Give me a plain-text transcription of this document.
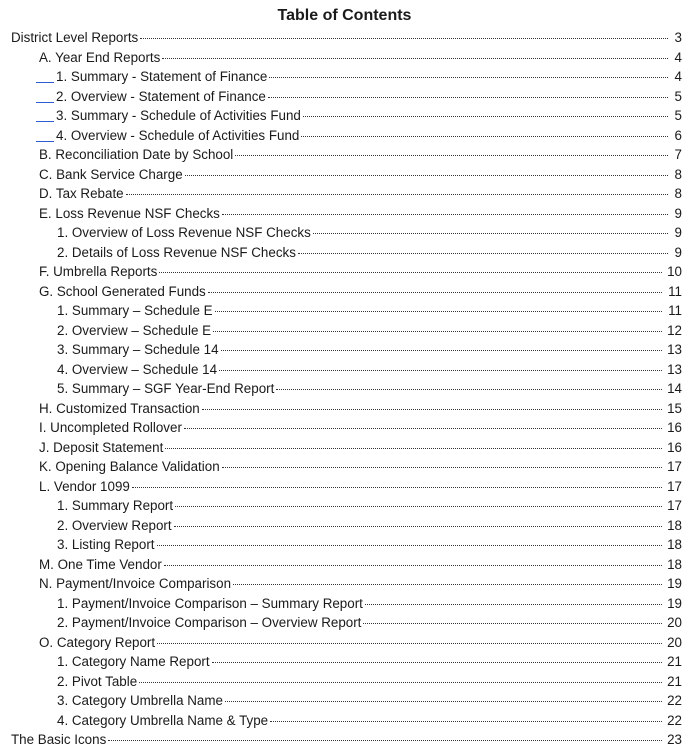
Table of Contents
District Level Reports	3
A. Year End Reports	4
1. Summary - Statement of Finance	4
2. Overview - Statement of Finance	5
3. Summary - Schedule of Activities Fund	5
4. Overview - Schedule of Activities Fund	6
B. Reconciliation Date by School	7
C. Bank Service Charge	8
D. Tax Rebate	8
E. Loss Revenue NSF Checks	9
1. Overview of Loss Revenue NSF Checks	9
2. Details of Loss Revenue NSF Checks	9
F. Umbrella Reports	10
G. School Generated Funds	11
1. Summary – Schedule E	11
2. Overview – Schedule E	12
3. Summary – Schedule 14	13
4. Overview – Schedule 14	13
5. Summary – SGF Year-End Report	14
H. Customized Transaction	15
I. Uncompleted Rollover	16
J. Deposit Statement	16
K. Opening Balance Validation	17
L. Vendor 1099	17
1. Summary Report	17
2. Overview Report	18
3. Listing Report	18
M. One Time Vendor	18
N. Payment/Invoice Comparison	19
1. Payment/Invoice Comparison – Summary Report	19
2. Payment/Invoice Comparison – Overview Report	20
O. Category Report	20
1. Category Name Report	21
2. Pivot Table	21
3. Category Umbrella Name	22
4. Category Umbrella Name & Type	22
The Basic Icons	23
